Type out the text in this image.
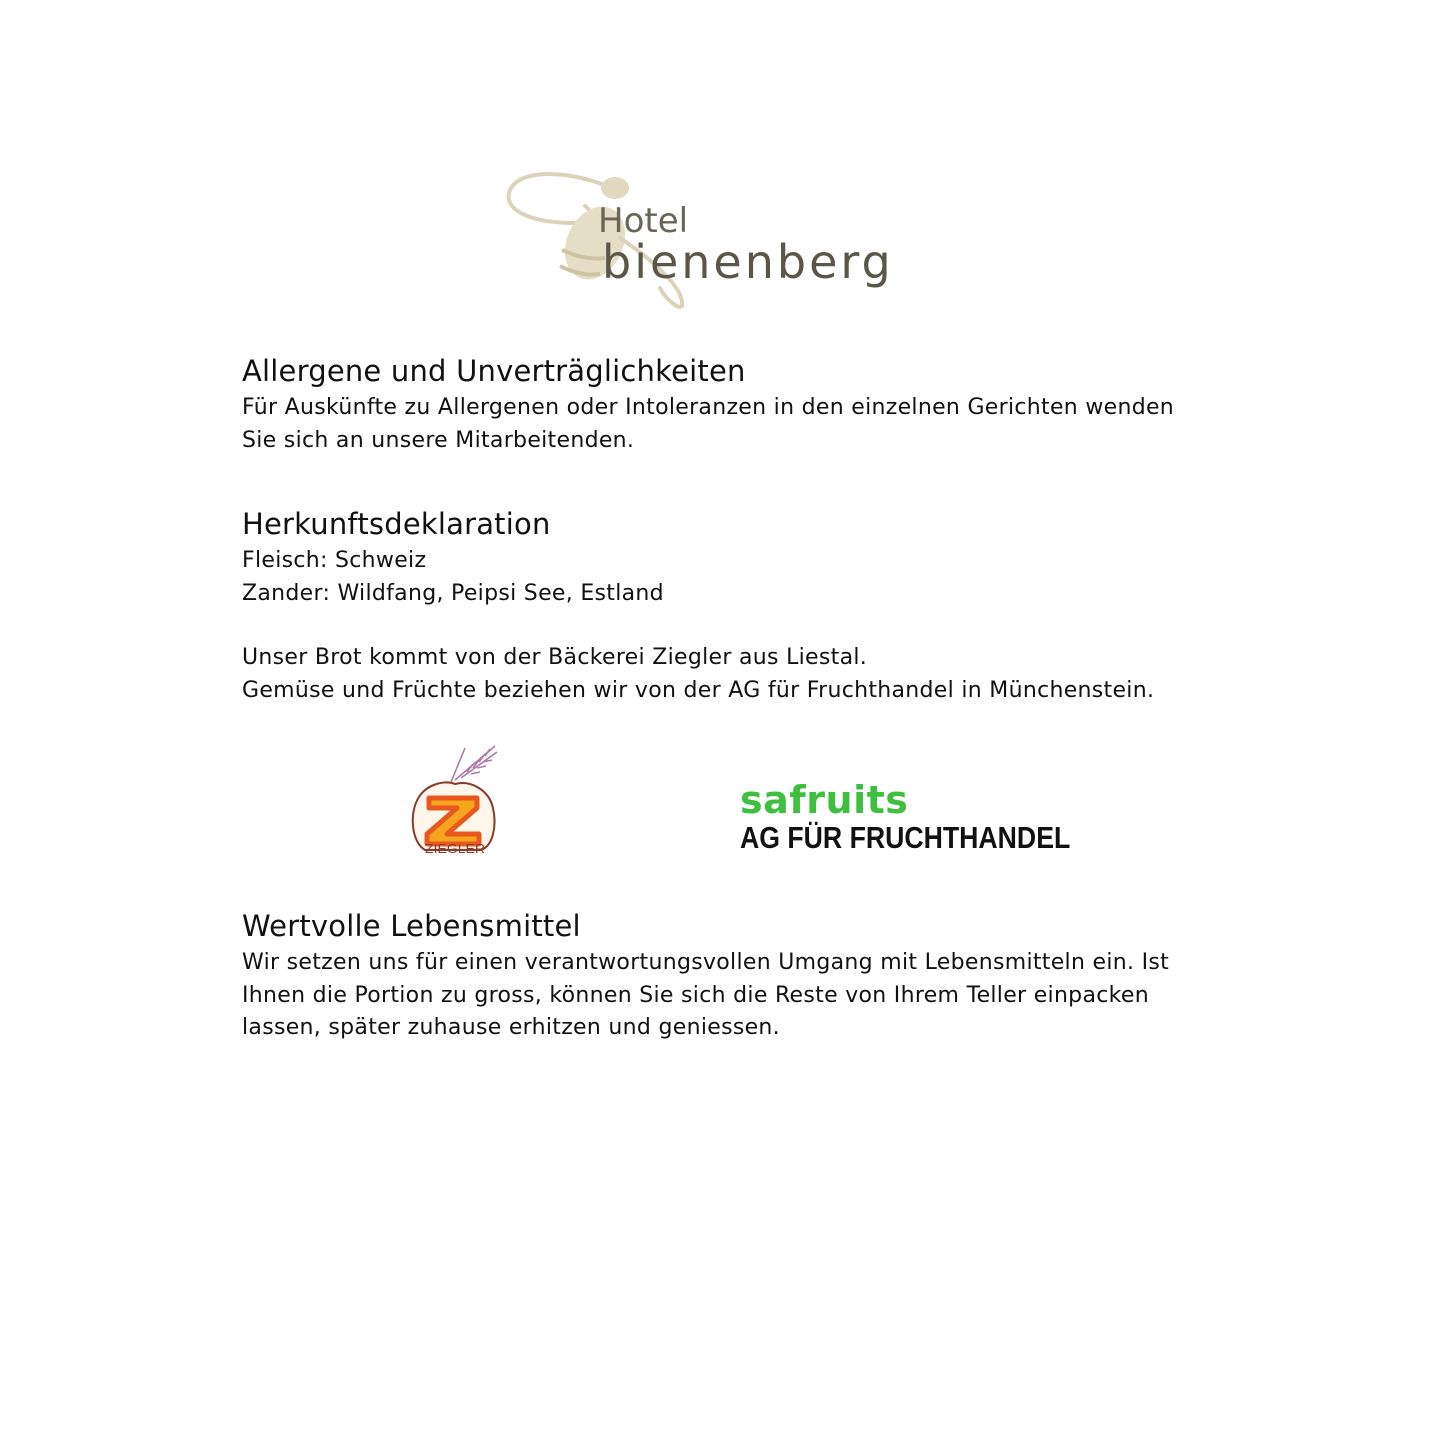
Hotel
bienenberg
Allergene und Unverträglichkeiten

Für Auskünfte zu Allergenen oder Intoleranzen in den einzelnen Gerichten wenden

Sie sich an unsere Mitarbeitenden.

Herkunftsdeklaration

Fleisch: Schweiz

Zander: Wildfang, Peipsi See, Estland

Unser Brot kommt von der Bäckerei Ziegler aus Liestal.

Gemüse und Früchte beziehen wir von der AG für Fruchthandel in Münchenstein.

ZIEGLER
safruits
AG FÜR FRUCHTHANDEL
Wertvolle Lebensmittel

Wir setzen uns für einen verantwortungsvollen Umgang mit Lebensmitteln ein. Ist

Ihnen die Portion zu gross, können Sie sich die Reste von Ihrem Teller einpacken

lassen, später zuhause erhitzen und geniessen.
